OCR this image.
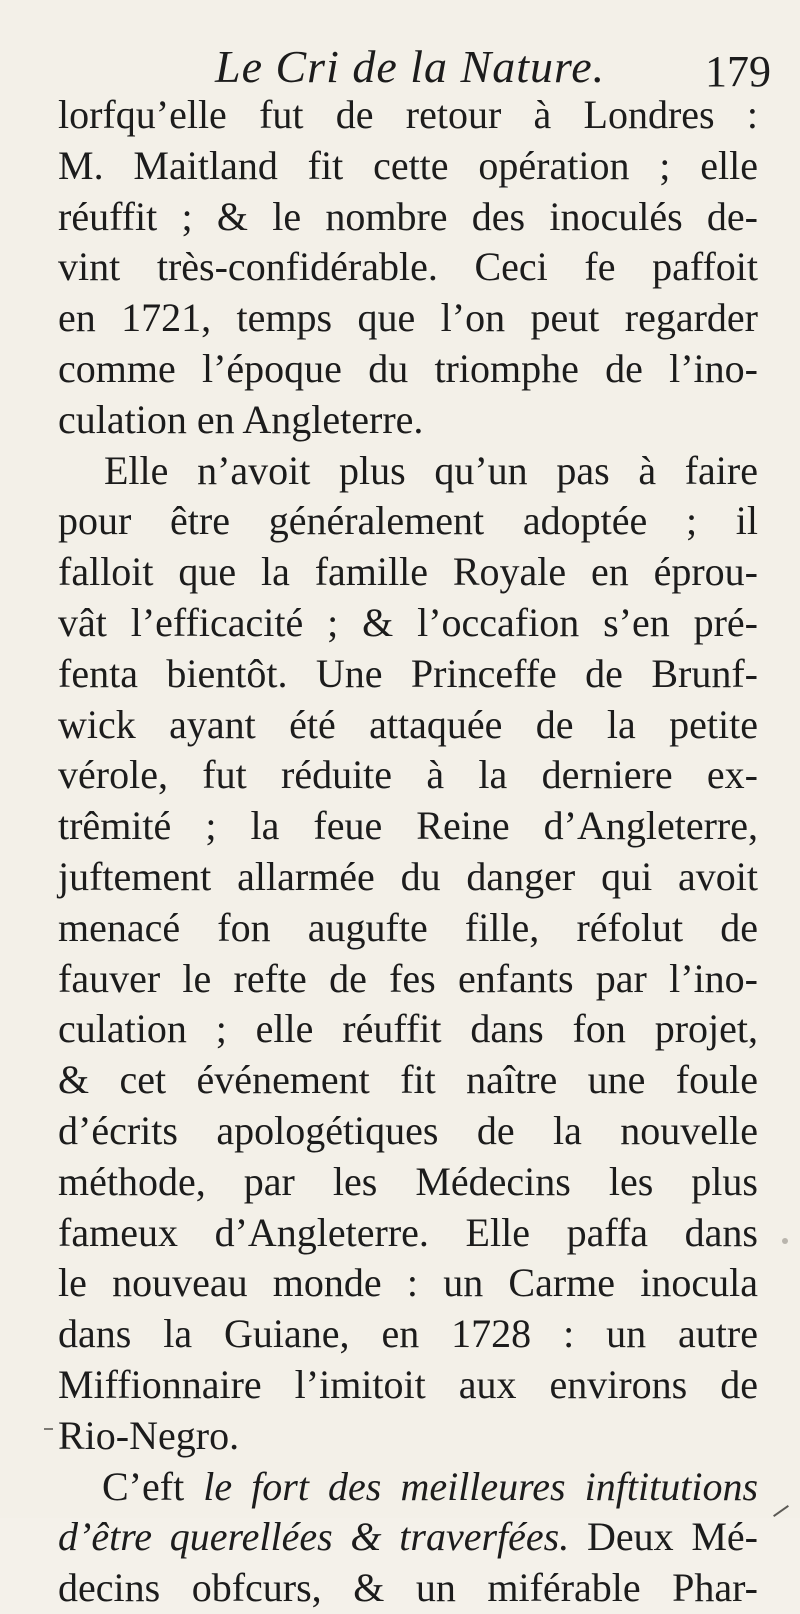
Le Cri de la Nature. 179
lorfqu’elle fut de retour à Londres :
M. Maitland fit cette opération ; elle
réuffit ; & le nombre des inoculés de-
vint très-confidérable. Ceci fe paffoit
en 1721, temps que l’on peut regarder
comme l’époque du triomphe de l’ino-
culation en Angleterre.
Elle n’avoit plus qu’un pas à faire
pour être généralement adoptée ; il
falloit que la famille Royale en éprou-
vât l’efficacité ; & l’occafion s’en pré-
fenta bientôt. Une Princeffe de Brunf-
wick ayant été attaquée de la petite
vérole, fut réduite à la derniere ex-
trêmité ; la feue Reine d’Angleterre,
juftement allarmée du danger qui avoit
menacé fon augufte fille, réfolut de
fauver le refte de fes enfants par l’ino-
culation ; elle réuffit dans fon projet,
& cet événement fit naître une foule
d’écrits apologétiques de la nouvelle
méthode, par les Médecins les plus
fameux d’Angleterre. Elle paffa dans
le nouveau monde : un Carme inocula
dans la Guiane, en 1728 : un autre
Miffionnaire l’imitoit aux environs de
Rio-Negro.
C’eft le fort des meilleures inftitutions
d’être querellées & traverfées. Deux Mé-
decins obfcurs, & un miférable Phar-
